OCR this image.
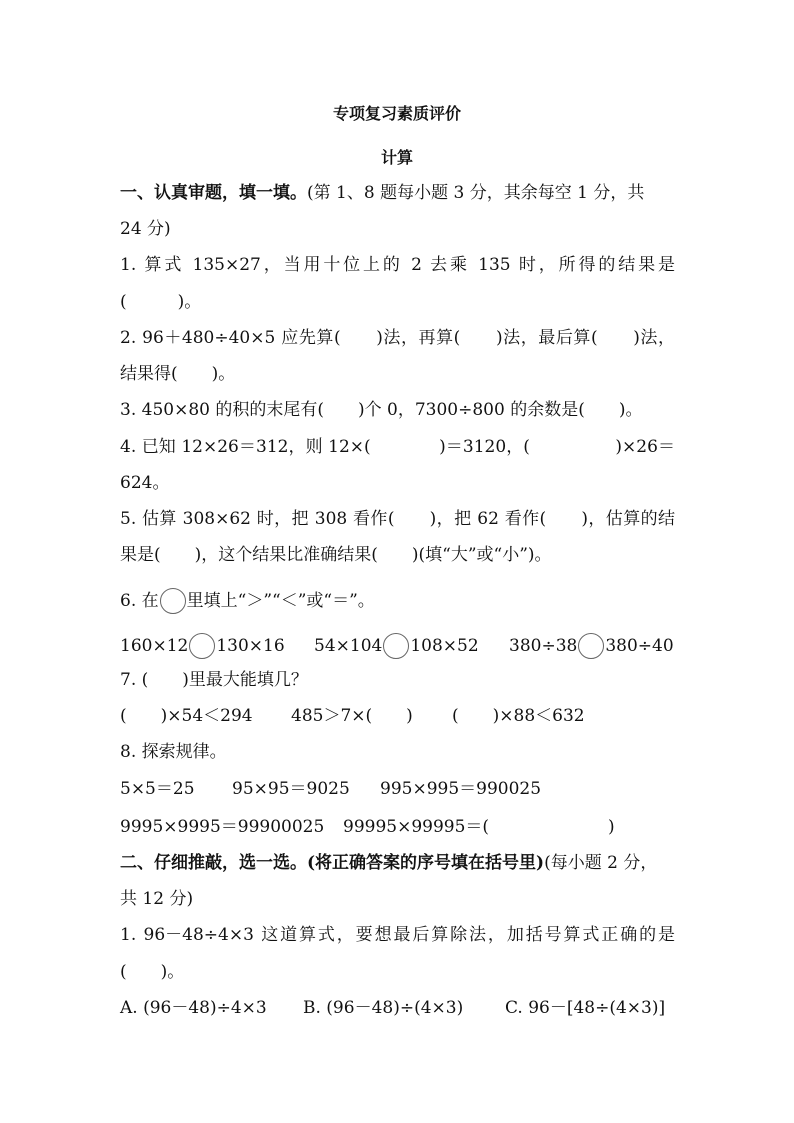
专项复习素质评价
计算
一、认真审题，填一填。(第 1、8 题每小题 3 分，其余每空 1 分，共
24 分)
1. 算式 135×27，当用十位上的 2 去乘 135 时，所得的结果是
(　　　)。
2. 96＋480÷40×5 应先算(　　)法，再算(　　)法，最后算(　　)法，
结果得(　　)。
3. 450×80 的积的末尾有(　　)个 0，7300÷800 的余数是(　　)。
4. 已知 12×26＝312，则 12×(　　　　)＝3120，(　　　　　)×26＝
624。
5. 估算 308×62 时，把 308 看作(　　)，把 62 看作(　　)，估算的结
果是(　　)，这个结果比准确结果(　　)(填“大”或“小”)。
6. 在 里填上“＞”“＜”或“＝”。
160×12 130×16 54×104 108×52 380÷38 380÷40
7. (　　)里最大能填几？
(　　)×54＜294 485＞7×(　　) (　　)×88＜632
8. 探索规律。
5×5＝25 95×95＝9025 995×995＝990025
9995×9995＝99900025 99995×99995＝(　　　　　　　)
二、仔细推敲，选一选。(将正确答案的序号填在括号里)(每小题 2 分，
共 12 分)
1. 96－48÷4×3 这道算式，要想最后算除法，加括号算式正确的是
(　　)。
A. (96－48)÷4×3 B. (96－48)÷(4×3) C. 96－[48÷(4×3)]
